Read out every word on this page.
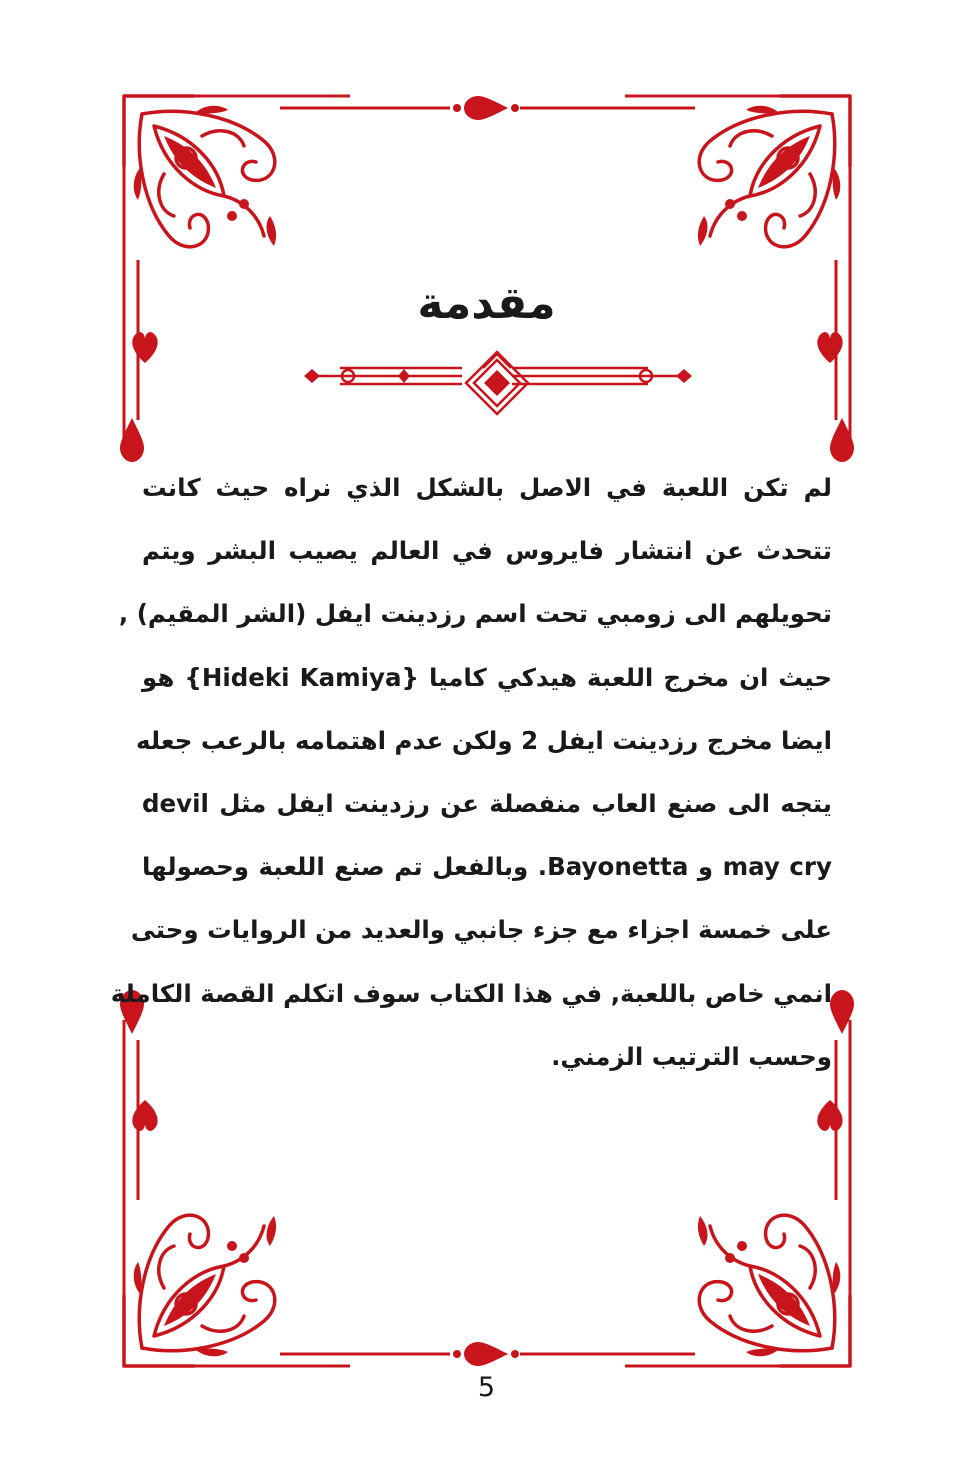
مقدمة
لم تكن اللعبة في الاصل بالشكل الذي نراه حيث كانت
تتحدث عن انتشار فايروس في العالم يصيب البشر ويتم
تحويلهم الى زومبي تحت اسم رزدينت ايفل (الشر المقيم) ,
حيث ان مخرج اللعبة هيدكي كاميا {Hideki Kamiya} هو
ايضا مخرج رزدينت ايفل 2 ولكن عدم اهتمامه بالرعب جعله
يتجه الى صنع العاب منفصلة عن رزدينت ايفل مثل devil
may cry و Bayonetta. وبالفعل تم صنع اللعبة وحصولها
على خمسة اجزاء مع جزء جانبي والعديد من الروايات وحتى
انمي خاص باللعبة, في هذا الكتاب سوف اتكلم القصة الكاملة
وحسب الترتيب الزمني.
5
